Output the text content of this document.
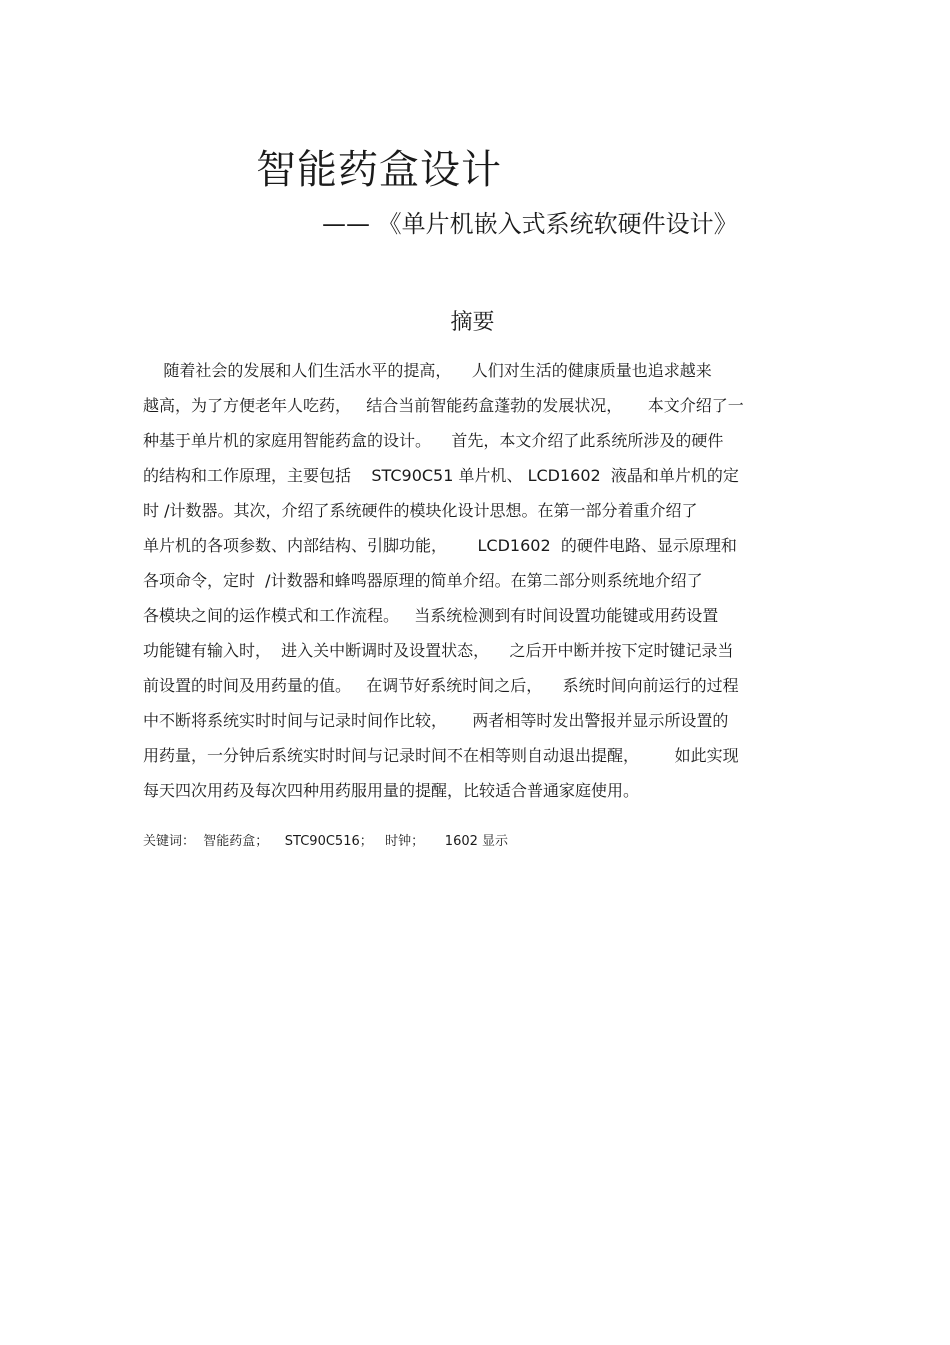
智能药盒设计
—— 《单片机嵌入式系统软硬件设计》
摘要
随着社会的发展和人们生活水平的提高，    人们对生活的健康质量也追求越来
越高，为了方便老年人吃药，   结合当前智能药盒蓬勃的发展状况，     本文介绍了一
种基于单片机的家庭用智能药盒的设计。    首先，本文介绍了此系统所涉及的硬件
的结构和工作原理，主要包括    STC90C51 单片机、 LCD1602  液晶和单片机的定
时 /计数器。其次，介绍了系统硬件的模块化设计思想。在第一部分着重介绍了
单片机的各项参数、内部结构、引脚功能，      LCD1602  的硬件电路、显示原理和
各项命令，定时  /计数器和蜂鸣器原理的简单介绍。在第二部分则系统地介绍了
各模块之间的运作模式和工作流程。   当系统检测到有时间设置功能键或用药设置
功能键有输入时，  进入关中断调时及设置状态，    之后开中断并按下定时键记录当
前设置的时间及用药量的值。   在调节好系统时间之后，    系统时间向前运行的过程
中不断将系统实时时间与记录时间作比较，     两者相等时发出警报并显示所设置的
用药量，一分钟后系统实时时间与记录时间不在相等则自动退出提醒，       如此实现
每天四次用药及每次四种用药服用量的提醒，比较适合普通家庭使用。
关键词：  智能药盒；    STC90C516；   时钟；     1602 显示
